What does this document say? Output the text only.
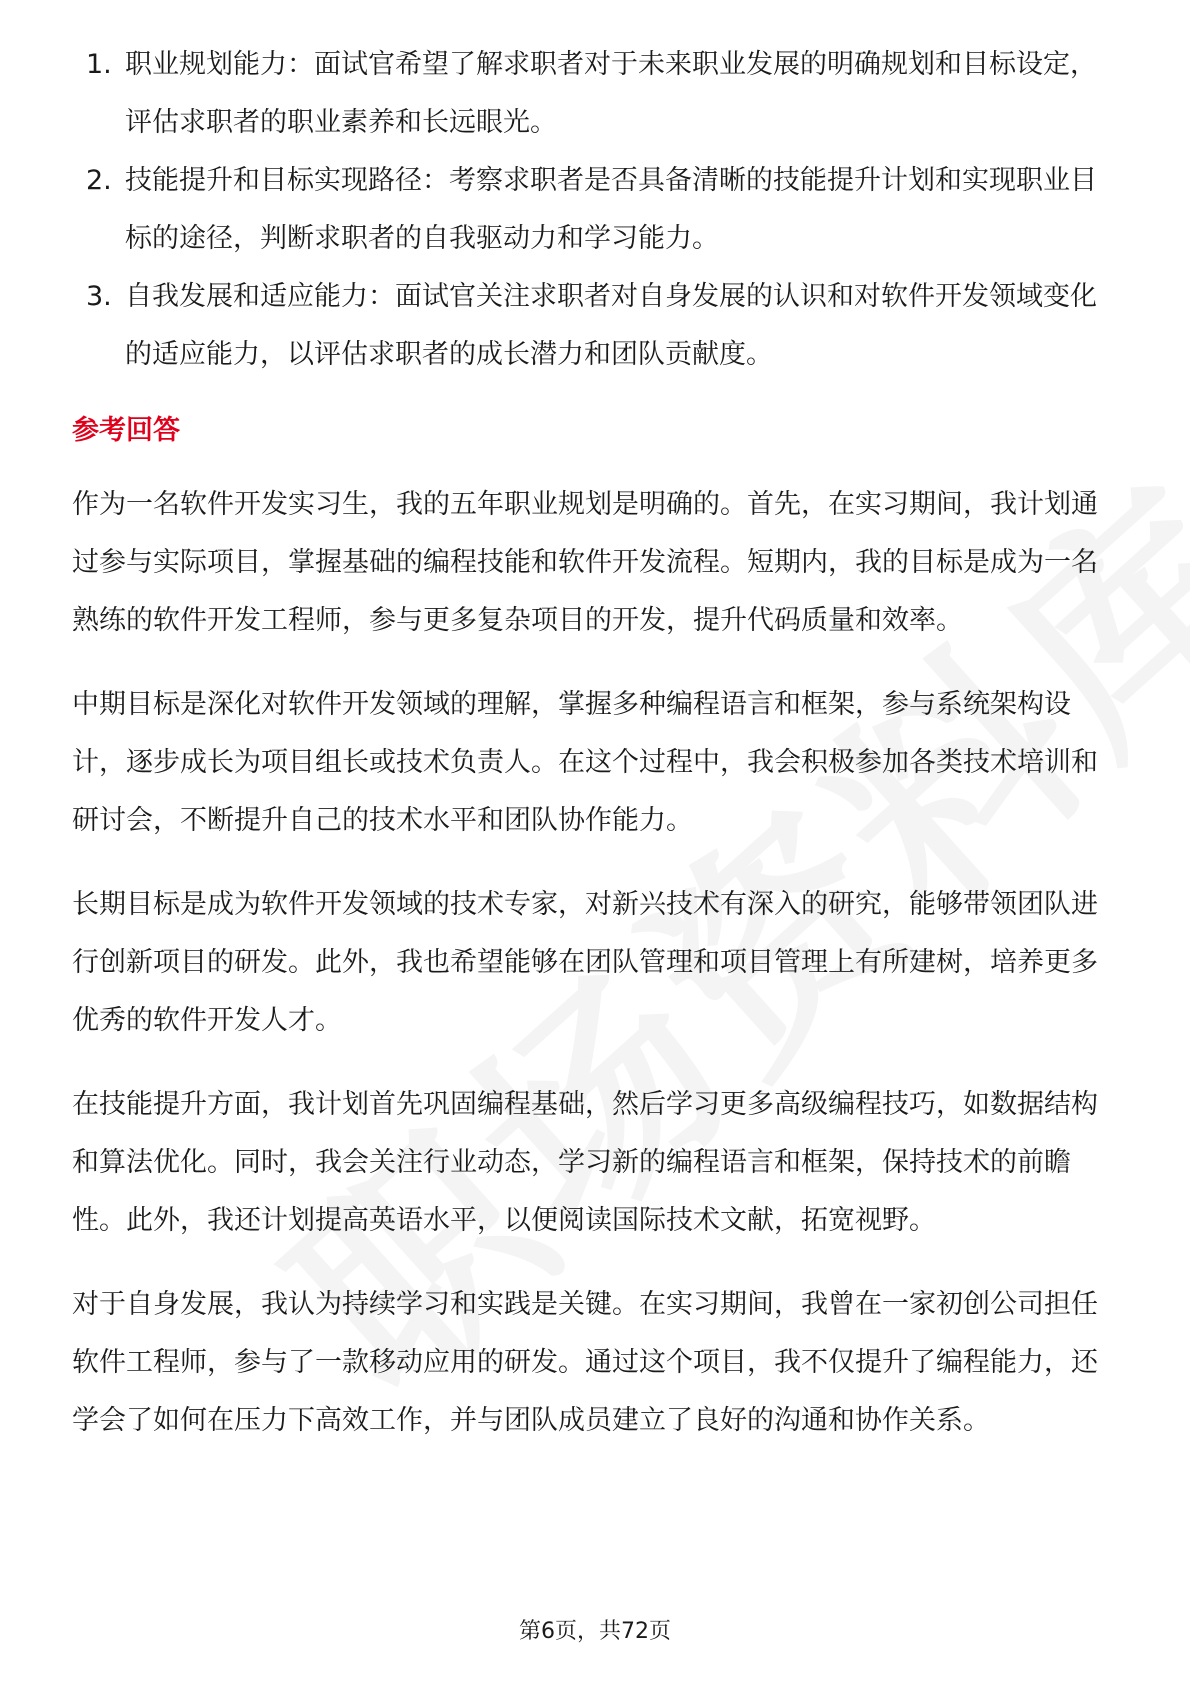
1. 职业规划能力：面试官希望了解求职者对于未来职业发展的明确规划和目标设定，评估求职者的职业素养和长远眼光。
2. 技能提升和目标实现路径：考察求职者是否具备清晰的技能提升计划和实现职业目标的途径，判断求职者的自我驱动力和学习能力。
3. 自我发展和适应能力：面试官关注求职者对自身发展的认识和对软件开发领域变化的适应能力，以评估求职者的成长潜力和团队贡献度。
参考回答

作为一名软件开发实习生，我的五年职业规划是明确的。首先，在实习期间，我计划通过参与实际项目，掌握基础的编程技能和软件开发流程。短期内，我的目标是成为一名熟练的软件开发工程师，参与更多复杂项目的开发，提升代码质量和效率。

中期目标是深化对软件开发领域的理解，掌握多种编程语言和框架，参与系统架构设计，逐步成长为项目组长或技术负责人。在这个过程中，我会积极参加各类技术培训和研讨会，不断提升自己的技术水平和团队协作能力。

长期目标是成为软件开发领域的技术专家，对新兴技术有深入的研究，能够带领团队进行创新项目的研发。此外，我也希望能够在团队管理和项目管理上有所建树，培养更多优秀的软件开发人才。

在技能提升方面，我计划首先巩固编程基础，然后学习更多高级编程技巧，如数据结构和算法优化。同时，我会关注行业动态，学习新的编程语言和框架，保持技术的前瞻性。此外，我还计划提高英语水平，以便阅读国际技术文献，拓宽视野。

对于自身发展，我认为持续学习和实践是关键。在实习期间，我曾在一家初创公司担任软件工程师，参与了一款移动应用的研发。通过这个项目，我不仅提升了编程能力，还学会了如何在压力下高效工作，并与团队成员建立了良好的沟通和协作关系。

第6页，共72页
